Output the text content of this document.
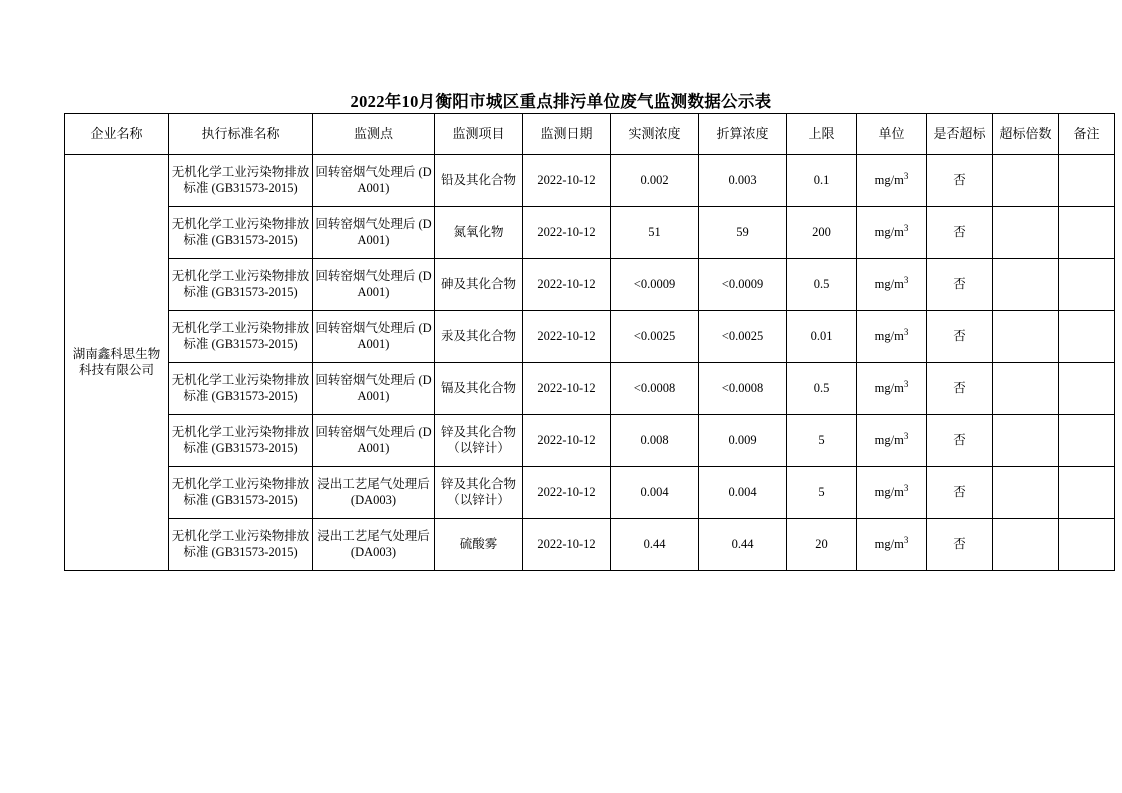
2022年10月衡阳市城区重点排污单位废气监测数据公示表
企业名称	执行标准名称	监测点	监测项目	监测日期	实测浓度	折算浓度	上限	单位	是否超标	超标倍数	备注
湖南鑫科思生物科技有限公司	无机化学工业污染物排放标准 (GB31573-2015)	回转窑烟气处理后 (DA001)	铅及其化合物	2022-10-12	0.002	0.003	0.1	$mg/m^3$	否		
	无机化学工业污染物排放标准 (GB31573-2015)	回转窑烟气处理后 (DA001)	氮氧化物	2022-10-12	51	59	200	$mg/m^3$	否		
	无机化学工业污染物排放标准 (GB31573-2015)	回转窑烟气处理后 (DA001)	砷及其化合物	2022-10-12	<0.0009	<0.0009	0.5	$mg/m^3$	否		
	无机化学工业污染物排放标准 (GB31573-2015)	回转窑烟气处理后 (DA001)	汞及其化合物	2022-10-12	<0.0025	<0.0025	0.01	$mg/m^3$	否		
	无机化学工业污染物排放标准 (GB31573-2015)	回转窑烟气处理后 (DA001)	镉及其化合物	2022-10-12	<0.0008	<0.0008	0.5	$mg/m^3$	否		
	无机化学工业污染物排放标准 (GB31573-2015)	回转窑烟气处理后 (DA001)	锌及其化合物（以锌计）	2022-10-12	0.008	0.009	5	$mg/m^3$	否		
	无机化学工业污染物排放标准 (GB31573-2015)	浸出工艺尾气处理后 (DA003)	锌及其化合物（以锌计）	2022-10-12	0.004	0.004	5	$mg/m^3$	否		
	无机化学工业污染物排放标准 (GB31573-2015)	浸出工艺尾气处理后 (DA003)	硫酸雾	2022-10-12	0.44	0.44	20	$mg/m^3$	否		
